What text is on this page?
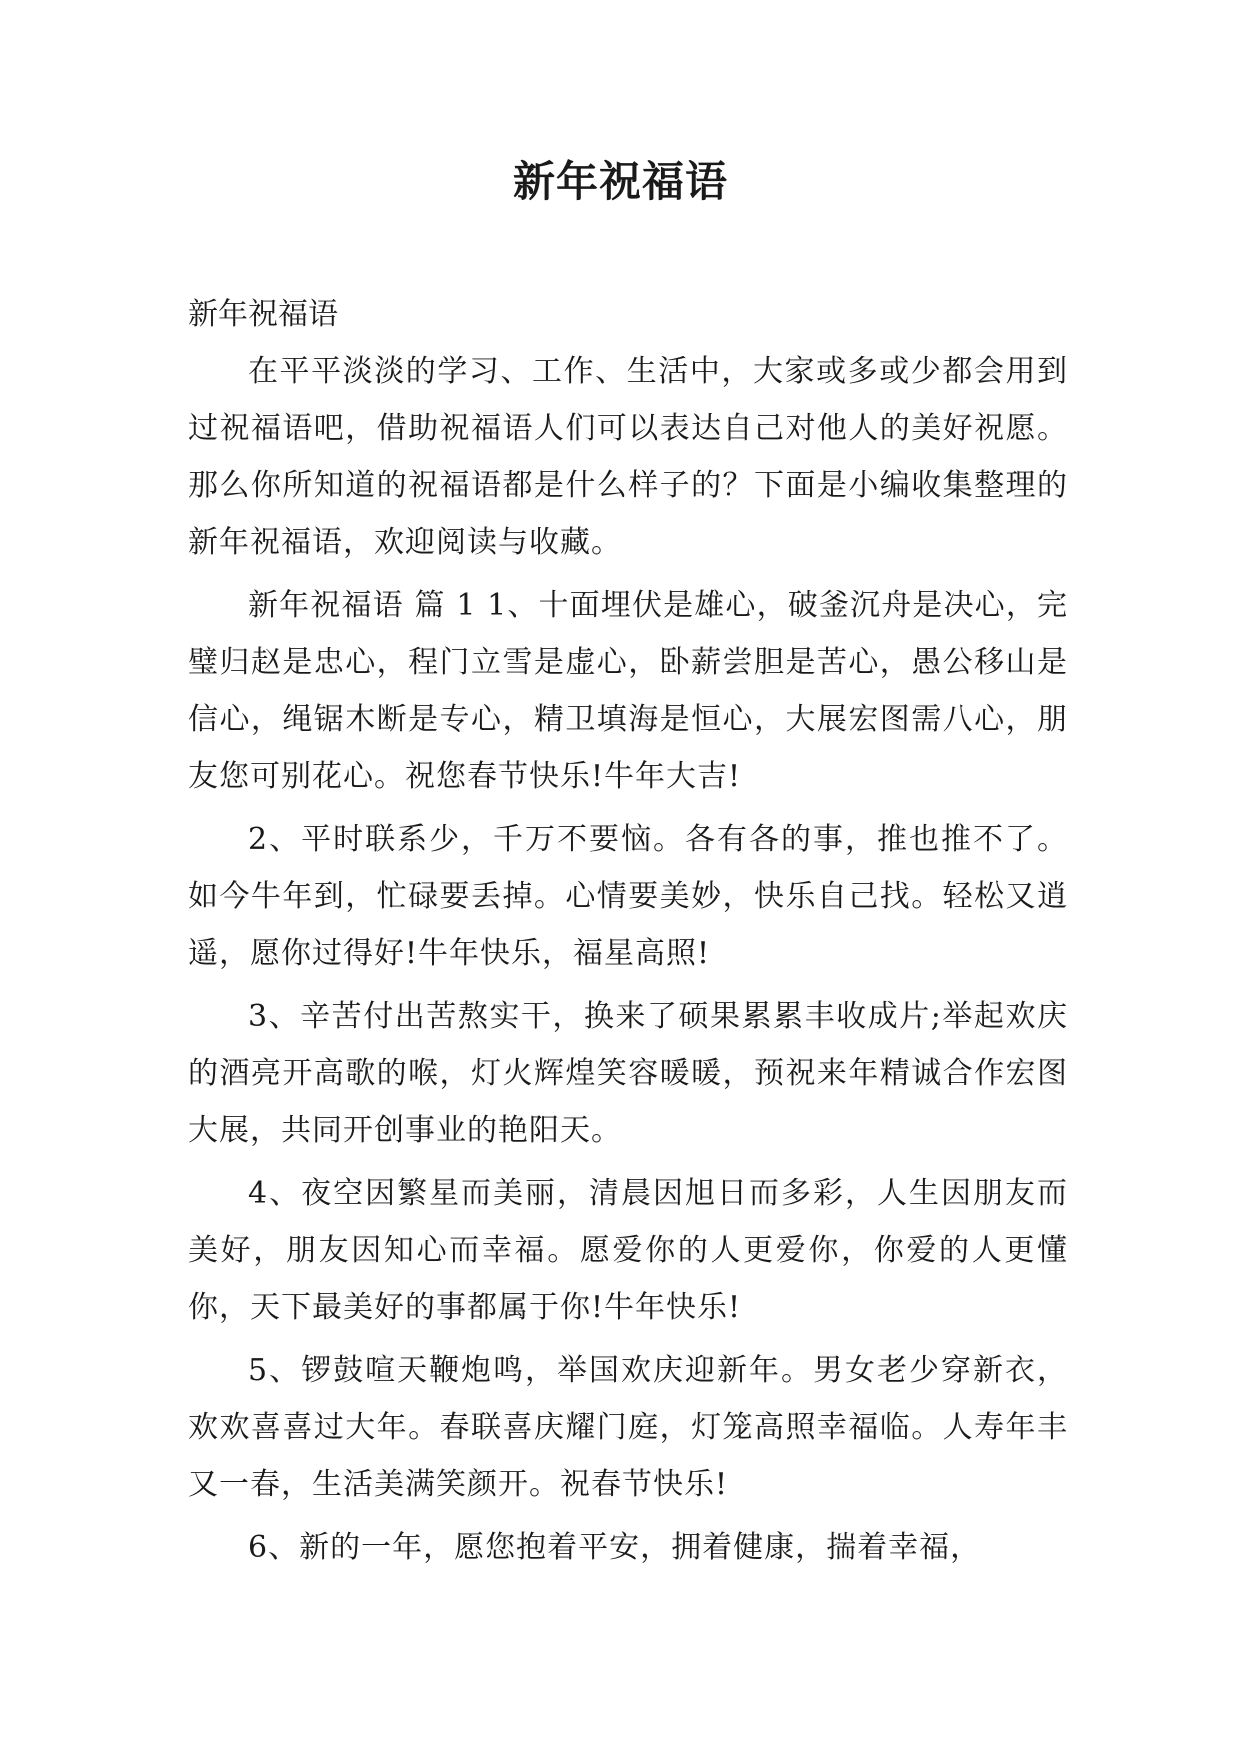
新年祝福语
新年祝福语

在平平淡淡的学习、工作、生活中，大家或多或少都会用到过祝福语吧，借助祝福语人们可以表达自己对他人的美好祝愿。那么你所知道的祝福语都是什么样子的？下面是小编收集整理的新年祝福语，欢迎阅读与收藏。

新年祝福语 篇 1 1、十面埋伏是雄心，破釜沉舟是决心，完璧归赵是忠心，程门立雪是虚心，卧薪尝胆是苦心，愚公移山是信心，绳锯木断是专心，精卫填海是恒心，大展宏图需八心，朋友您可别花心。祝您春节快乐!牛年大吉!

2、平时联系少，千万不要恼。各有各的事，推也推不了。如今牛年到，忙碌要丢掉。心情要美妙，快乐自己找。轻松又逍遥，愿你过得好!牛年快乐，福星高照!

3、辛苦付出苦熬实干，换来了硕果累累丰收成片;举起欢庆的酒亮开高歌的喉，灯火辉煌笑容暖暖，预祝来年精诚合作宏图大展，共同开创事业的艳阳天。

4、夜空因繁星而美丽，清晨因旭日而多彩，人生因朋友而美好，朋友因知心而幸福。愿爱你的人更爱你，你爱的人更懂你，天下最美好的事都属于你!牛年快乐!

5、锣鼓喧天鞭炮鸣，举国欢庆迎新年。男女老少穿新衣，欢欢喜喜过大年。春联喜庆耀门庭，灯笼高照幸福临。人寿年丰又一春，生活美满笑颜开。祝春节快乐!

6、新的一年，愿您抱着平安，拥着健康，揣着幸福，
